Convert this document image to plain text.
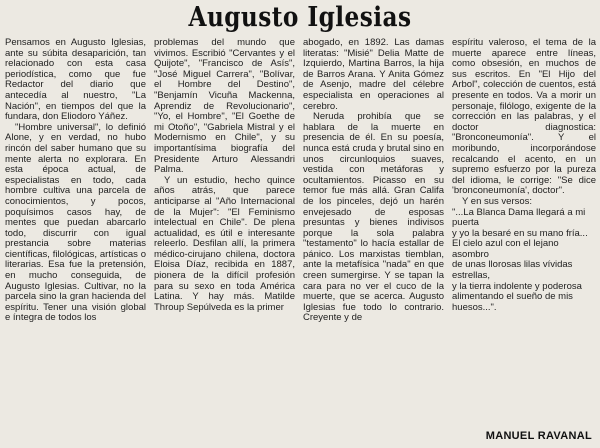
Augusto Iglesias

Pensamos en Augusto Iglesias, ante su súbita desaparición, tan relacionado con esta casa periodística, como que fue Redactor del diario que antecedía al nuestro, "La Nación", en tiempos del que la fundara, don Eliodoro Yáñez.

"Hombre universal", lo definió Alone, y en verdad, no hubo rincón del saber humano que su mente alerta no explorara. En esta época actual, de especialistas en todo, cada hombre cultiva una parcela de conocimientos, y pocos, poquísimos casos hay, de mentes que puedan abarcarlo todo, discurrir con igual prestancia sobre materias científicas, filológicas, artísticas o literarias. Esa fue la pretensión, en mucho conseguida, de Augusto Iglesias. Cultivar, no la parcela sino la gran hacienda del espíritu. Tener una visión global e íntegra de todos los

problemas del mundo que vivimos. Escribió "Cervantes y el Quijote", "Francisco de Asís", "José Miguel Carrera", "Bolívar, el Hombre del Destino", "Benjamín Vicuña Mackenna, Aprendiz de Revolucionario", "Yo, el Hombre", "El Goethe de mi Otoño", "Gabriela Mistral y el Modernismo en Chile", y su importantísima biografía del Presidente Arturo Alessandri Palma.

Y un estudio, hecho quince años atrás, que parece anticiparse al "Año Internacional de la Mujer": "El Feminismo intelectual en Chile". De plena actualidad, es útil e interesante releerlo. Desfilan allí, la primera médico-cirujano chilena, doctora Eloisa Díaz, recibida en 1887, pionera de la difícil profesión para su sexo en toda América Latina. Y hay más. Matilde Throup Sepúlveda es la primer

abogado, en 1892. Las damas literatas: "Misié" Delia Matte de Izquierdo, Martina Barros, la hija de Barros Arana. Y Anita Gómez de Asenjo, madre del célebre especialista en operaciones al cerebro.

Neruda prohibía que se hablara de la muerte en presencia de él. En su poesía, nunca está cruda y brutal sino en unos circunloquios suaves, vestida con metáforas y ocultamientos. Picasso en su temor fue más allá. Gran Califa de los pinceles, dejó un harén envejesado de esposas presuntas y bienes indivisos porque la sola palabra "testamento" lo hacía estallar de pánico. Los marxistas tiemblan, ante la metafísica "nada" en que creen sumergirse. Y se tapan la cara para no ver el cuco de la muerte, que se acerca. Augusto Iglesias fue todo lo contrario. Creyente y de

espíritu valeroso, el tema de la muerte aparece entre líneas, como obsesión, en muchos de sus escritos. En "El Hijo del Arbol", colección de cuentos, está presente en todos. Va a morir un personaje, filólogo, exigente de la corrección en las palabras, y el doctor diagnostica: "Bronconeumonía". Y el moribundo, incorporándose recalcando el acento, en un supremo esfuerzo por la pureza del idioma, le corrige: "Se dice 'bronconeumonía', doctor".

Y en sus versos:

"...La Blanca Dama llegará a mi puerta

y yo la besaré en su mano fría...

El cielo azul con el lejano asombro

de unas llorosas lilas vívidas estrellas,

y la tierra indolente y poderosa

alimentando el sueño de mis huesos...".

MANUEL RAVANAL
